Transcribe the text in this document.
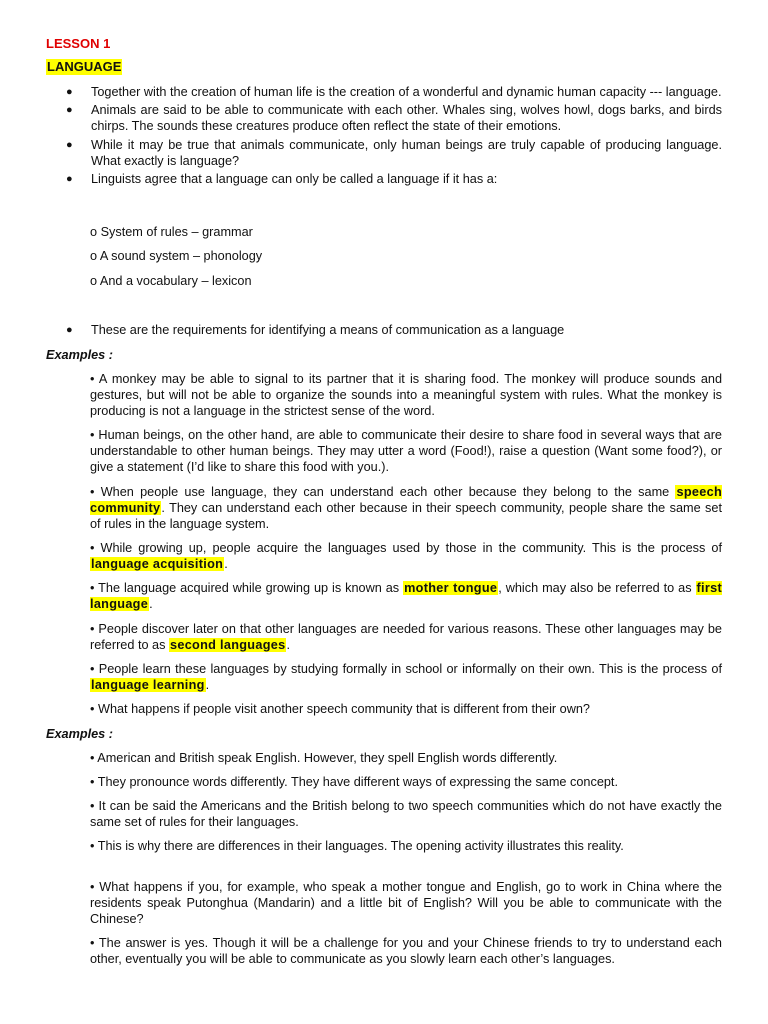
LESSON 1
LANGUAGE
● Together with the creation of human life is the creation of a wonderful and dynamic human capacity --- language.
● Animals are said to be able to communicate with each other. Whales sing, wolves howl, dogs barks, and birds chirps. The sounds these creatures produce often reflect the state of their emotions.
● While it may be true that animals communicate, only human beings are truly capable of producing language. What exactly is language?
● Linguists agree that a language can only be called a language if it has a:
o System of rules – grammar
o A sound system – phonology
o And a vocabulary – lexicon
● These are the requirements for identifying a means of communication as a language
Examples :

• A monkey may be able to signal to its partner that it is sharing food. The monkey will produce sounds and gestures, but will not be able to organize the sounds into a meaningful system with rules. What the monkey is producing is not a language in the strictest sense of the word.

• Human beings, on the other hand, are able to communicate their desire to share food in several ways that are understandable to other human beings. They may utter a word (Food!), raise a question (Want some food?), or give a statement (I’d like to share this food with you.).

• When people use language, they can understand each other because they belong to the same speech community. They can understand each other because in their speech community, people share the same set of rules in the language system.

• While growing up, people acquire the languages used by those in the community. This is the process of language acquisition.

• The language acquired while growing up is known as mother tongue, which may also be referred to as first language.

• People discover later on that other languages are needed for various reasons. These other languages may be referred to as second languages.

• People learn these languages by studying formally in school or informally on their own. This is the process of language learning.

• What happens if people visit another speech community that is different from their own?

Examples :

• American and British speak English. However, they spell English words differently.

• They pronounce words differently. They have different ways of expressing the same concept.

• It can be said the Americans and the British belong to two speech communities which do not have exactly the same set of rules for their languages.

• This is why there are differences in their languages. The opening activity illustrates this reality.

• What happens if you, for example, who speak a mother tongue and English, go to work in China where the residents speak Putonghua (Mandarin) and a little bit of English? Will you be able to communicate with the Chinese?

• The answer is yes. Though it will be a challenge for you and your Chinese friends to try to understand each other, eventually you will be able to communicate as you slowly learn each other’s languages.
